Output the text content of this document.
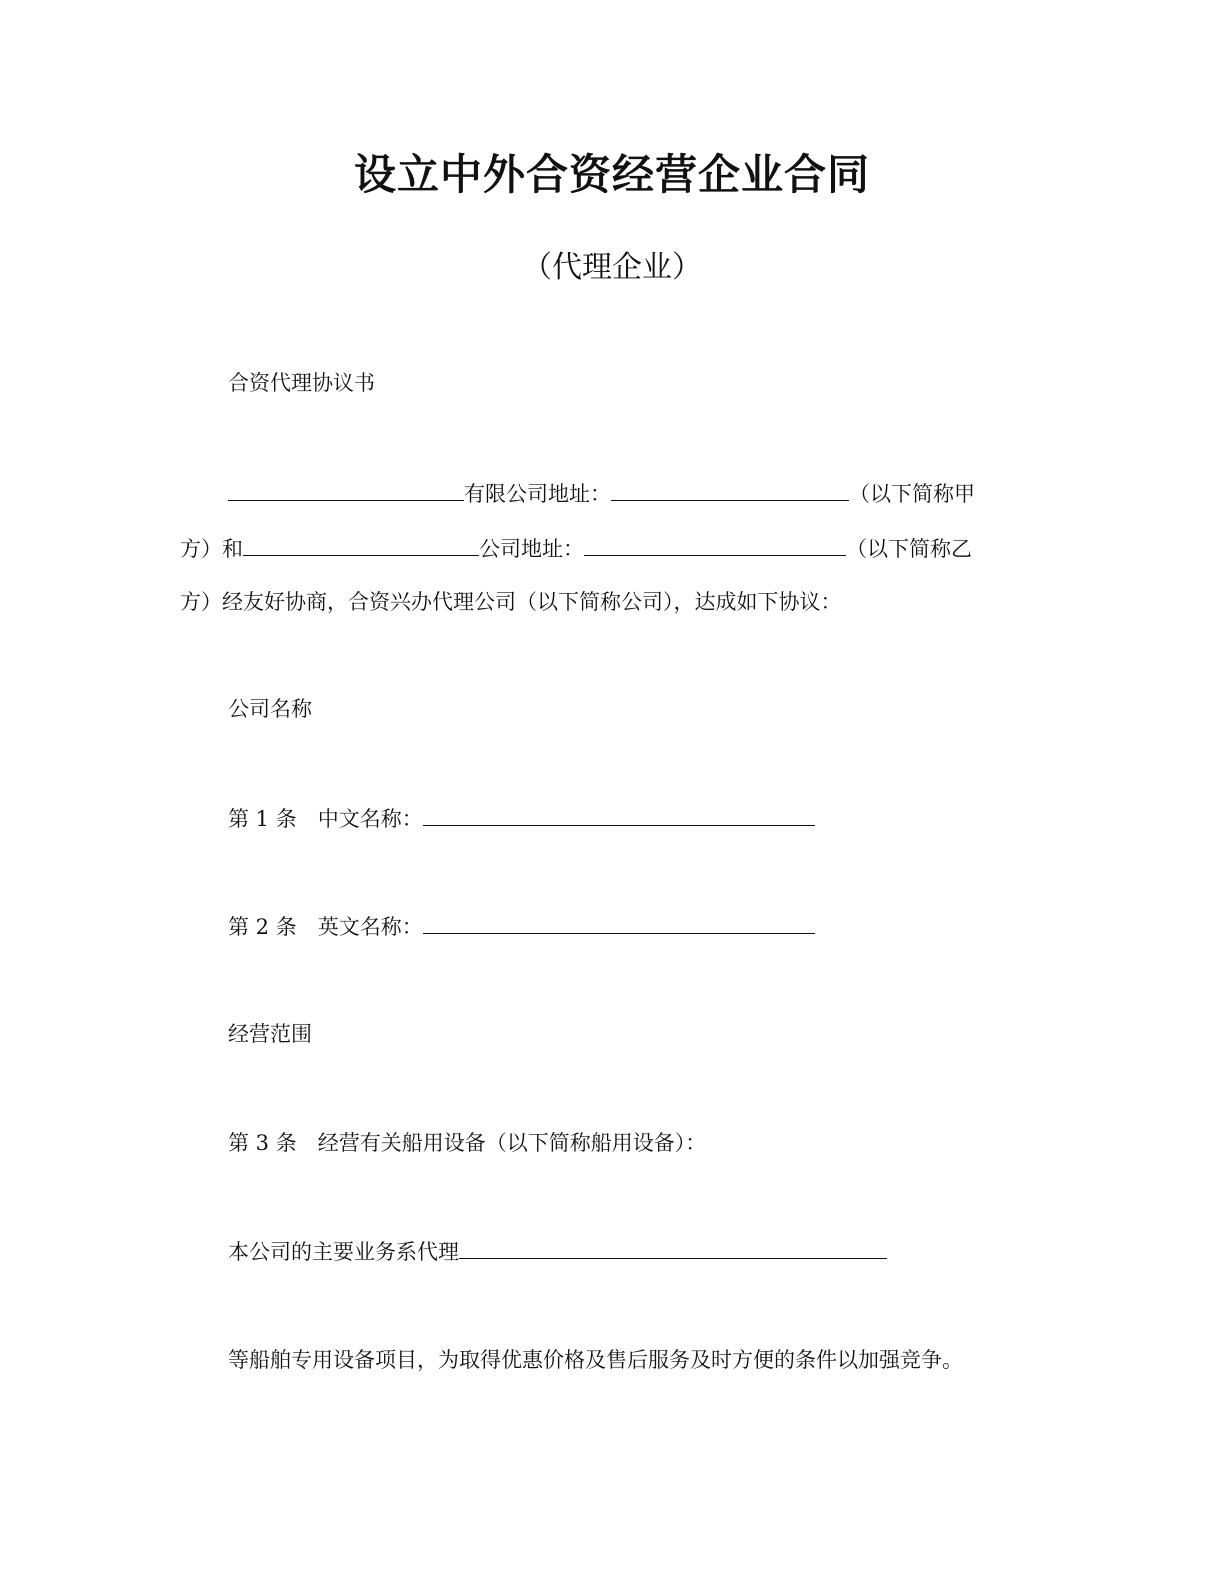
设立中外合资经营企业合同
（代理企业）
合资代理协议书
有限公司地址：	（以下简称甲
方）和	公司地址：	（以下简称乙
方）经友好协商，合资兴办代理公司（以下简称公司），达成如下协议：
公司名称
第 1 条　中文名称：
第 2 条　英文名称：
经营范围
第 3 条　经营有关船用设备（以下简称船用设备）：
本公司的主要业务系代理
等船舶专用设备项目，为取得优惠价格及售后服务及时方便的条件以加强竞争。
